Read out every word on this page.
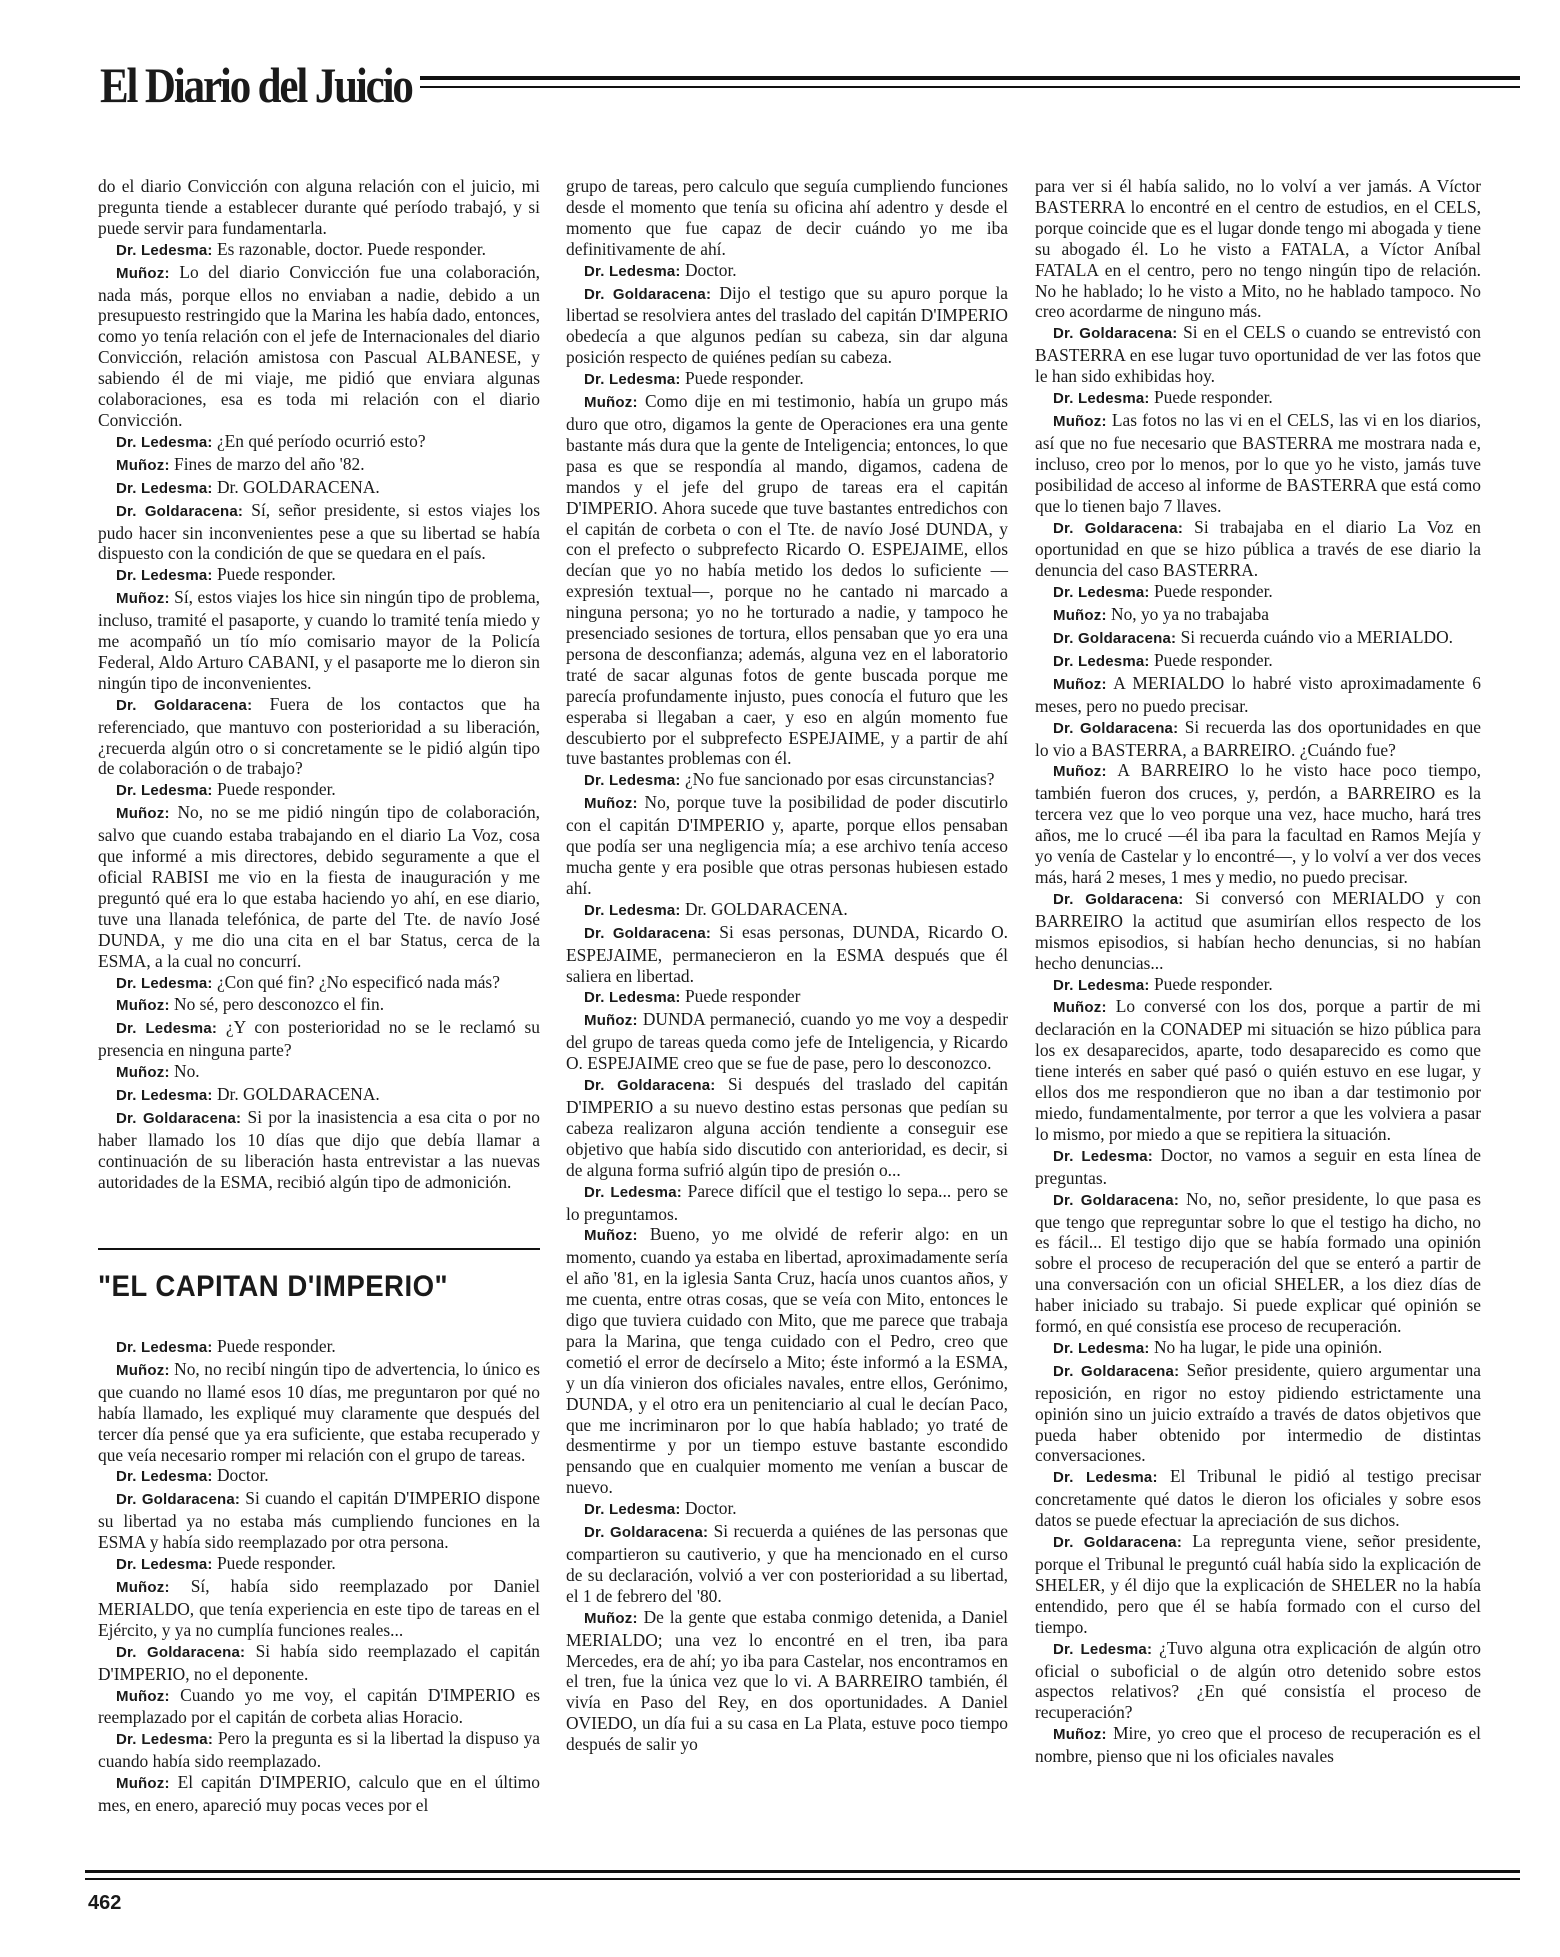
El Diario del Juicio

do el diario Convicción con alguna relación con el juicio, mi pregunta tiende a establecer durante qué período trabajó, y si puede servir para fundamentarla.

Dr. Ledesma: Es razonable, doctor. Puede responder.

Muñoz: Lo del diario Convicción fue una colaboración, nada más, porque ellos no enviaban a nadie, debido a un presupuesto restringido que la Marina les había dado, entonces, como yo tenía relación con el jefe de Internacionales del diario Convicción, relación amistosa con Pascual ALBANESE, y sabiendo él de mi viaje, me pidió que enviara algunas colaboraciones, esa es toda mi relación con el diario Convicción.

Dr. Ledesma: ¿En qué período ocurrió esto?

Muñoz: Fines de marzo del año '82.

Dr. Ledesma: Dr. GOLDARACENA.

Dr. Goldaracena: Sí, señor presidente, si estos viajes los pudo hacer sin inconvenientes pese a que su libertad se había dispuesto con la condición de que se quedara en el país.

Dr. Ledesma: Puede responder.

Muñoz: Sí, estos viajes los hice sin ningún tipo de problema, incluso, tramité el pasaporte, y cuando lo tramité tenía miedo y me acompañó un tío mío comisario mayor de la Policía Federal, Aldo Arturo CABANI, y el pasaporte me lo dieron sin ningún tipo de inconvenientes.

Dr. Goldaracena: Fuera de los contactos que ha referenciado, que mantuvo con posterioridad a su liberación, ¿recuerda algún otro o si concretamente se le pidió algún tipo de colaboración o de trabajo?

Dr. Ledesma: Puede responder.

Muñoz: No, no se me pidió ningún tipo de colaboración, salvo que cuando estaba trabajando en el diario La Voz, cosa que informé a mis directores, debido seguramente a que el oficial RABISI me vio en la fiesta de inauguración y me preguntó qué era lo que estaba haciendo yo ahí, en ese diario, tuve una llanada telefónica, de parte del Tte. de navío José DUNDA, y me dio una cita en el bar Status, cerca de la ESMA, a la cual no concurrí.

Dr. Ledesma: ¿Con qué fin? ¿No especificó nada más?

Muñoz: No sé, pero desconozco el fin.

Dr. Ledesma: ¿Y con posterioridad no se le reclamó su presencia en ninguna parte?

Muñoz: No.

Dr. Ledesma: Dr. GOLDARACENA.

Dr. Goldaracena: Si por la inasistencia a esa cita o por no haber llamado los 10 días que dijo que debía llamar a continuación de su liberación hasta entrevistar a las nuevas autoridades de la ESMA, recibió algún tipo de admonición.

"EL CAPITAN D'IMPERIO"

Dr. Ledesma: Puede responder.

Muñoz: No, no recibí ningún tipo de advertencia, lo único es que cuando no llamé esos 10 días, me preguntaron por qué no había llamado, les expliqué muy claramente que después del tercer día pensé que ya era suficiente, que estaba recuperado y que veía necesario romper mi relación con el grupo de tareas.

Dr. Ledesma: Doctor.

Dr. Goldaracena: Si cuando el capitán D'IMPERIO dispone su libertad ya no estaba más cumpliendo funciones en la ESMA y había sido reemplazado por otra persona.

Dr. Ledesma: Puede responder.

Muñoz: Sí, había sido reemplazado por Daniel MERIALDO, que tenía experiencia en este tipo de tareas en el Ejército, y ya no cumplía funciones reales...

Dr. Goldaracena: Si había sido reemplazado el capitán D'IMPERIO, no el deponente.

Muñoz: Cuando yo me voy, el capitán D'IMPERIO es reemplazado por el capitán de corbeta alias Horacio.

Dr. Ledesma: Pero la pregunta es si la libertad la dispuso ya cuando había sido reemplazado.

Muñoz: El capitán D'IMPERIO, calculo que en el último mes, en enero, apareció muy pocas veces por el

grupo de tareas, pero calculo que seguía cumpliendo funciones desde el momento que tenía su oficina ahí adentro y desde el momento que fue capaz de decir cuándo yo me iba definitivamente de ahí.

Dr. Ledesma: Doctor.

Dr. Goldaracena: Dijo el testigo que su apuro porque la libertad se resolviera antes del traslado del capitán D'IMPERIO obedecía a que algunos pedían su cabeza, sin dar alguna posición respecto de quiénes pedían su cabeza.

Dr. Ledesma: Puede responder.

Muñoz: Como dije en mi testimonio, había un grupo más duro que otro, digamos la gente de Operaciones era una gente bastante más dura que la gente de Inteligencia; entonces, lo que pasa es que se respondía al mando, digamos, cadena de mandos y el jefe del grupo de tareas era el capitán D'IMPERIO. Ahora sucede que tuve bastantes entredichos con el capitán de corbeta o con el Tte. de navío José DUNDA, y con el prefecto o subprefecto Ricardo O. ESPEJAIME, ellos decían que yo no había metido los dedos lo suficiente —expresión textual—, porque no he cantado ni marcado a ninguna persona; yo no he torturado a nadie, y tampoco he presenciado sesiones de tortura, ellos pensaban que yo era una persona de desconfianza; además, alguna vez en el laboratorio traté de sacar algunas fotos de gente buscada porque me parecía profundamente injusto, pues conocía el futuro que les esperaba si llegaban a caer, y eso en algún momento fue descubierto por el subprefecto ESPEJAIME, y a partir de ahí tuve bastantes problemas con él.

Dr. Ledesma: ¿No fue sancionado por esas circunstancias?

Muñoz: No, porque tuve la posibilidad de poder discutirlo con el capitán D'IMPERIO y, aparte, porque ellos pensaban que podía ser una negligencia mía; a ese archivo tenía acceso mucha gente y era posible que otras personas hubiesen estado ahí.

Dr. Ledesma: Dr. GOLDARACENA.

Dr. Goldaracena: Si esas personas, DUNDA, Ricardo O. ESPEJAIME, permanecieron en la ESMA después que él saliera en libertad.

Dr. Ledesma: Puede responder

Muñoz: DUNDA permaneció, cuando yo me voy a despedir del grupo de tareas queda como jefe de Inteligencia, y Ricardo O. ESPEJAIME creo que se fue de pase, pero lo desconozco.

Dr. Goldaracena: Si después del traslado del capitán D'IMPERIO a su nuevo destino estas personas que pedían su cabeza realizaron alguna acción tendiente a conseguir ese objetivo que había sido discutido con anterioridad, es decir, si de alguna forma sufrió algún tipo de presión o...

Dr. Ledesma: Parece difícil que el testigo lo sepa... pero se lo preguntamos.

Muñoz: Bueno, yo me olvidé de referir algo: en un momento, cuando ya estaba en libertad, aproximadamente sería el año '81, en la iglesia Santa Cruz, hacía unos cuantos años, y me cuenta, entre otras cosas, que se veía con Mito, entonces le digo que tuviera cuidado con Mito, que me parece que trabaja para la Marina, que tenga cuidado con el Pedro, creo que cometió el error de decírselo a Mito; éste informó a la ESMA, y un día vinieron dos oficiales navales, entre ellos, Gerónimo, DUNDA, y el otro era un penitenciario al cual le decían Paco, que me incriminaron por lo que había hablado; yo traté de desmentirme y por un tiempo estuve bastante escondido pensando que en cualquier momento me venían a buscar de nuevo.

Dr. Ledesma: Doctor.

Dr. Goldaracena: Si recuerda a quiénes de las personas que compartieron su cautiverio, y que ha mencionado en el curso de su declaración, volvió a ver con posterioridad a su libertad, el 1 de febrero del '80.

Muñoz: De la gente que estaba conmigo detenida, a Daniel MERIALDO; una vez lo encontré en el tren, iba para Mercedes, era de ahí; yo iba para Castelar, nos encontramos en el tren, fue la única vez que lo vi. A BARREIRO también, él vivía en Paso del Rey, en dos oportunidades. A Daniel OVIEDO, un día fui a su casa en La Plata, estuve poco tiempo después de salir yo

para ver si él había salido, no lo volví a ver jamás. A Víctor BASTERRA lo encontré en el centro de estudios, en el CELS, porque coincide que es el lugar donde tengo mi abogada y tiene su abogado él. Lo he visto a FATALA, a Víctor Aníbal FATALA en el centro, pero no tengo ningún tipo de relación. No he hablado; lo he visto a Mito, no he hablado tampoco. No creo acordarme de ninguno más.

Dr. Goldaracena: Si en el CELS o cuando se entrevistó con BASTERRA en ese lugar tuvo oportunidad de ver las fotos que le han sido exhibidas hoy.

Dr. Ledesma: Puede responder.

Muñoz: Las fotos no las vi en el CELS, las vi en los diarios, así que no fue necesario que BASTERRA me mostrara nada e, incluso, creo por lo menos, por lo que yo he visto, jamás tuve posibilidad de acceso al informe de BASTERRA que está como que lo tienen bajo 7 llaves.

Dr. Goldaracena: Si trabajaba en el diario La Voz en oportunidad en que se hizo pública a través de ese diario la denuncia del caso BASTERRA.

Dr. Ledesma: Puede responder.

Muñoz: No, yo ya no trabajaba

Dr. Goldaracena: Si recuerda cuándo vio a MERIALDO.

Dr. Ledesma: Puede responder.

Muñoz: A MERIALDO lo habré visto aproximadamente 6 meses, pero no puedo precisar.

Dr. Goldaracena: Si recuerda las dos oportunidades en que lo vio a BASTERRA, a BARREIRO. ¿Cuándo fue?

Muñoz: A BARREIRO lo he visto hace poco tiempo, también fueron dos cruces, y, perdón, a BARREIRO es la tercera vez que lo veo porque una vez, hace mucho, hará tres años, me lo crucé —él iba para la facultad en Ramos Mejía y yo venía de Castelar y lo encontré—, y lo volví a ver dos veces más, hará 2 meses, 1 mes y medio, no puedo precisar.

Dr. Goldaracena: Si conversó con MERIALDO y con BARREIRO la actitud que asumirían ellos respecto de los mismos episodios, si habían hecho denuncias, si no habían hecho denuncias...

Dr. Ledesma: Puede responder.

Muñoz: Lo conversé con los dos, porque a partir de mi declaración en la CONADEP mi situación se hizo pública para los ex desaparecidos, aparte, todo desaparecido es como que tiene interés en saber qué pasó o quién estuvo en ese lugar, y ellos dos me respondieron que no iban a dar testimonio por miedo, fundamentalmente, por terror a que les volviera a pasar lo mismo, por miedo a que se repitiera la situación.

Dr. Ledesma: Doctor, no vamos a seguir en esta línea de preguntas.

Dr. Goldaracena: No, no, señor presidente, lo que pasa es que tengo que repreguntar sobre lo que el testigo ha dicho, no es fácil... El testigo dijo que se había formado una opinión sobre el proceso de recuperación del que se enteró a partir de una conversación con un oficial SHELER, a los diez días de haber iniciado su trabajo. Si puede explicar qué opinión se formó, en qué consistía ese proceso de recuperación.

Dr. Ledesma: No ha lugar, le pide una opinión.

Dr. Goldaracena: Señor presidente, quiero argumentar una reposición, en rigor no estoy pidiendo estrictamente una opinión sino un juicio extraído a través de datos objetivos que pueda haber obtenido por intermedio de distintas conversaciones.

Dr. Ledesma: El Tribunal le pidió al testigo precisar concretamente qué datos le dieron los oficiales y sobre esos datos se puede efectuar la apreciación de sus dichos.

Dr. Goldaracena: La repregunta viene, señor presidente, porque el Tribunal le preguntó cuál había sido la explicación de SHELER, y él dijo que la explicación de SHELER no la había entendido, pero que él se había formado con el curso del tiempo.

Dr. Ledesma: ¿Tuvo alguna otra explicación de algún otro oficial o suboficial o de algún otro detenido sobre estos aspectos relativos? ¿En qué consistía el proceso de recuperación?

Muñoz: Mire, yo creo que el proceso de recuperación es el nombre, pienso que ni los oficiales navales

462
